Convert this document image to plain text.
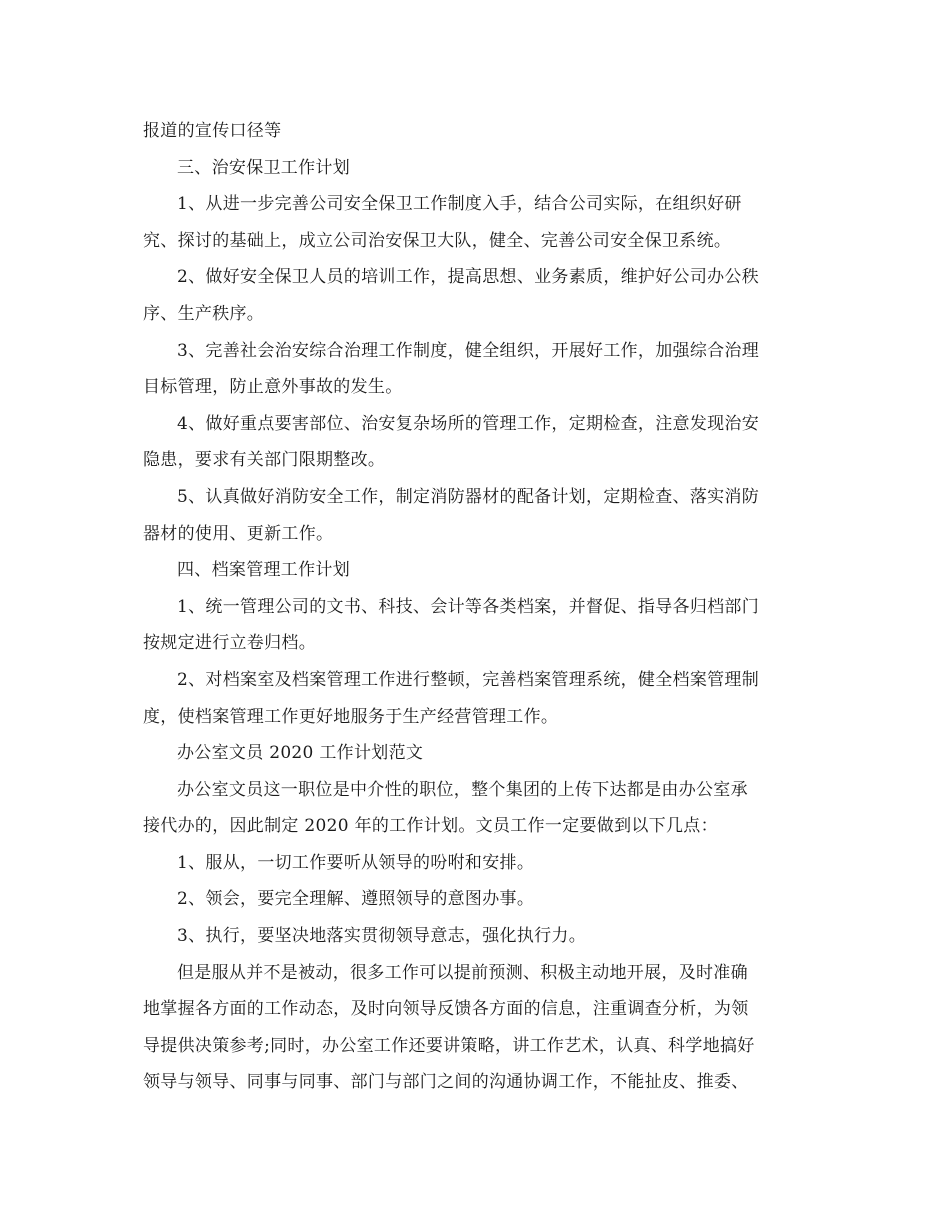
报道的宣传口径等
三、治安保卫工作计划
1、从进一步完善公司安全保卫工作制度入手，结合公司实际，在组织好研
究、探讨的基础上，成立公司治安保卫大队，健全、完善公司安全保卫系统。
2、做好安全保卫人员的培训工作，提高思想、业务素质，维护好公司办公秩
序、生产秩序。
3、完善社会治安综合治理工作制度，健全组织，开展好工作，加强综合治理
目标管理，防止意外事故的发生。
4、做好重点要害部位、治安复杂场所的管理工作，定期检查，注意发现治安
隐患，要求有关部门限期整改。
5、认真做好消防安全工作，制定消防器材的配备计划，定期检查、落实消防
器材的使用、更新工作。
四、档案管理工作计划
1、统一管理公司的文书、科技、会计等各类档案，并督促、指导各归档部门
按规定进行立卷归档。
2、对档案室及档案管理工作进行整顿，完善档案管理系统，健全档案管理制
度，使档案管理工作更好地服务于生产经营管理工作。
办公室文员 2020 工作计划范文
办公室文员这一职位是中介性的职位，整个集团的上传下达都是由办公室承
接代办的，因此制定 2020 年的工作计划。文员工作一定要做到以下几点：
1、服从，一切工作要听从领导的吩咐和安排。
2、领会，要完全理解、遵照领导的意图办事。
3、执行，要坚决地落实贯彻领导意志，强化执行力。
但是服从并不是被动，很多工作可以提前预测、积极主动地开展，及时准确
地掌握各方面的工作动态，及时向领导反馈各方面的信息，注重调查分析，为领
导提供决策参考;同时，办公室工作还要讲策略，讲工作艺术，认真、科学地搞好
领导与领导、同事与同事、部门与部门之间的沟通协调工作，不能扯皮、推委、
